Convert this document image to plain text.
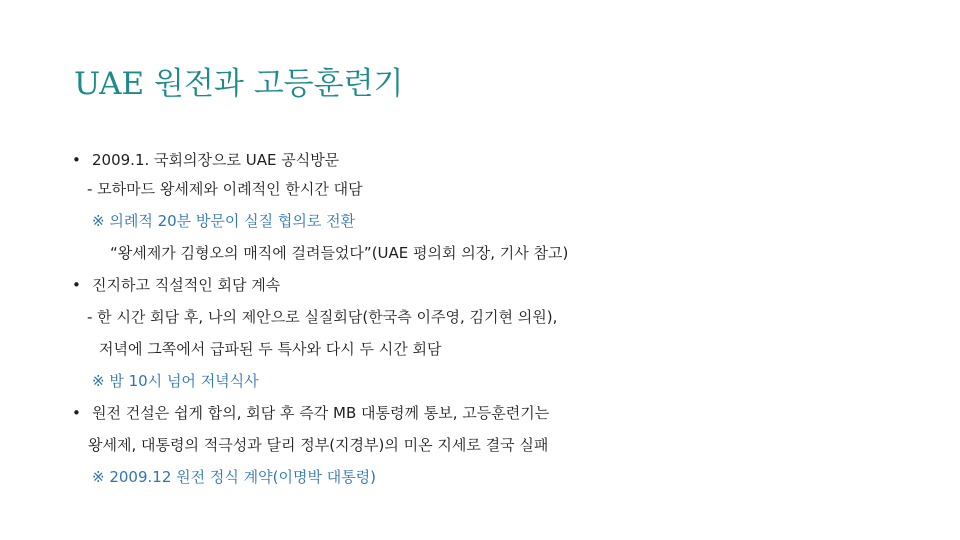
UAE 원전과 고등훈련기
• 2009.1. 국회의장으로 UAE 공식방문
- 모하마드 왕세제와 이례적인 한시간 대담
※ 의례적 20분 방문이 실질 협의로 전환
“왕세제가 김형오의 매직에 걸려들었다”(UAE 평의회 의장, 기사 참고)
• 진지하고 직설적인 회담 계속
- 한 시간 회담 후, 나의 제안으로 실질회담(한국측 이주영, 김기현 의원),
저녁에 그쪽에서 급파된 두 특사와 다시 두 시간 회담
※ 밤 10시 넘어 저녁식사
• 원전 건설은 쉽게 합의, 회담 후 즉각 MB 대통령께 통보, 고등훈련기는
왕세제, 대통령의 적극성과 달리 정부(지경부)의 미온 지세로 결국 실패
※ 2009.12 원전 정식 계약(이명박 대통령)
